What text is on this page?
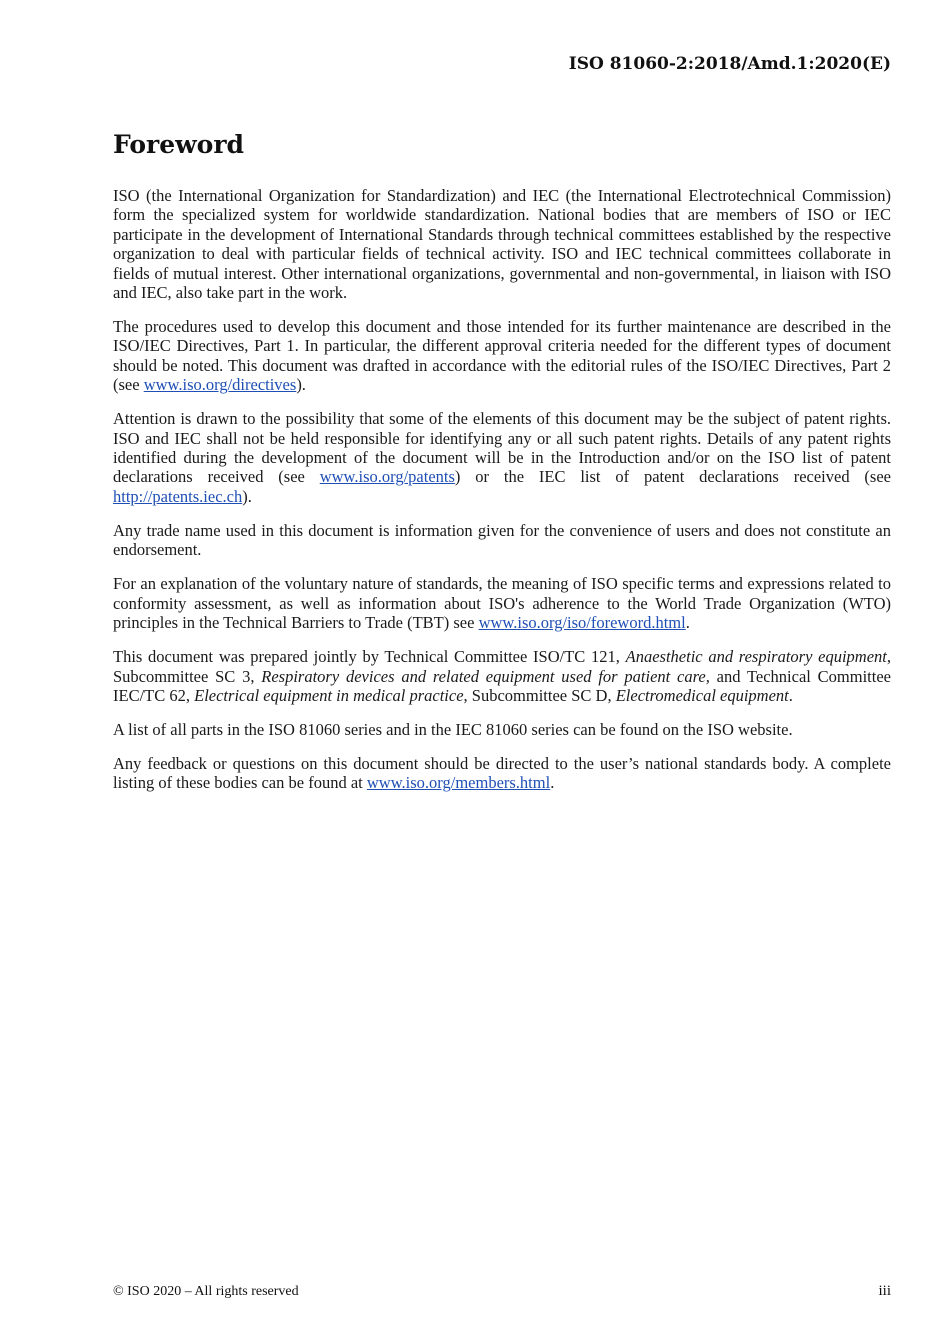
ISO 81060-2:2018/Amd.1:2020(E)
Foreword

ISO (the International Organization for Standardization) and IEC (the International Electrotechnical Commission) form the specialized system for worldwide standardization. National bodies that are members of ISO or IEC participate in the development of International Standards through technical committees established by the respective organization to deal with particular fields of technical activity. ISO and IEC technical committees collaborate in fields of mutual interest. Other international organizations, governmental and non-governmental, in liaison with ISO and IEC, also take part in the work.

The procedures used to develop this document and those intended for its further maintenance are described in the ISO/IEC Directives, Part 1. In particular, the different approval criteria needed for the different types of document should be noted. This document was drafted in accordance with the editorial rules of the ISO/IEC Directives, Part 2 (see www.iso.org/directives).

Attention is drawn to the possibility that some of the elements of this document may be the subject of patent rights. ISO and IEC shall not be held responsible for identifying any or all such patent rights. Details of any patent rights identified during the development of the document will be in the Introduction and/or on the ISO list of patent declarations received (see www.iso.org/patents) or the IEC list of patent declarations received (see http://patents.iec.ch).

Any trade name used in this document is information given for the convenience of users and does not constitute an endorsement.

For an explanation of the voluntary nature of standards, the meaning of ISO specific terms and expressions related to conformity assessment, as well as information about ISO's adherence to the World Trade Organization (WTO) principles in the Technical Barriers to Trade (TBT) see www.iso.org/iso/foreword.html.

This document was prepared jointly by Technical Committee ISO/TC 121, Anaesthetic and respiratory equipment, Subcommittee SC 3, Respiratory devices and related equipment used for patient care, and Technical Committee IEC/TC 62, Electrical equipment in medical practice, Subcommittee SC D, Electromedical equipment.

A list of all parts in the ISO 81060 series and in the IEC 81060 series can be found on the ISO website.

Any feedback or questions on this document should be directed to the user’s national standards body. A complete listing of these bodies can be found at www.iso.org/members.html.

© ISO 2020 – All rights reserved	iii
